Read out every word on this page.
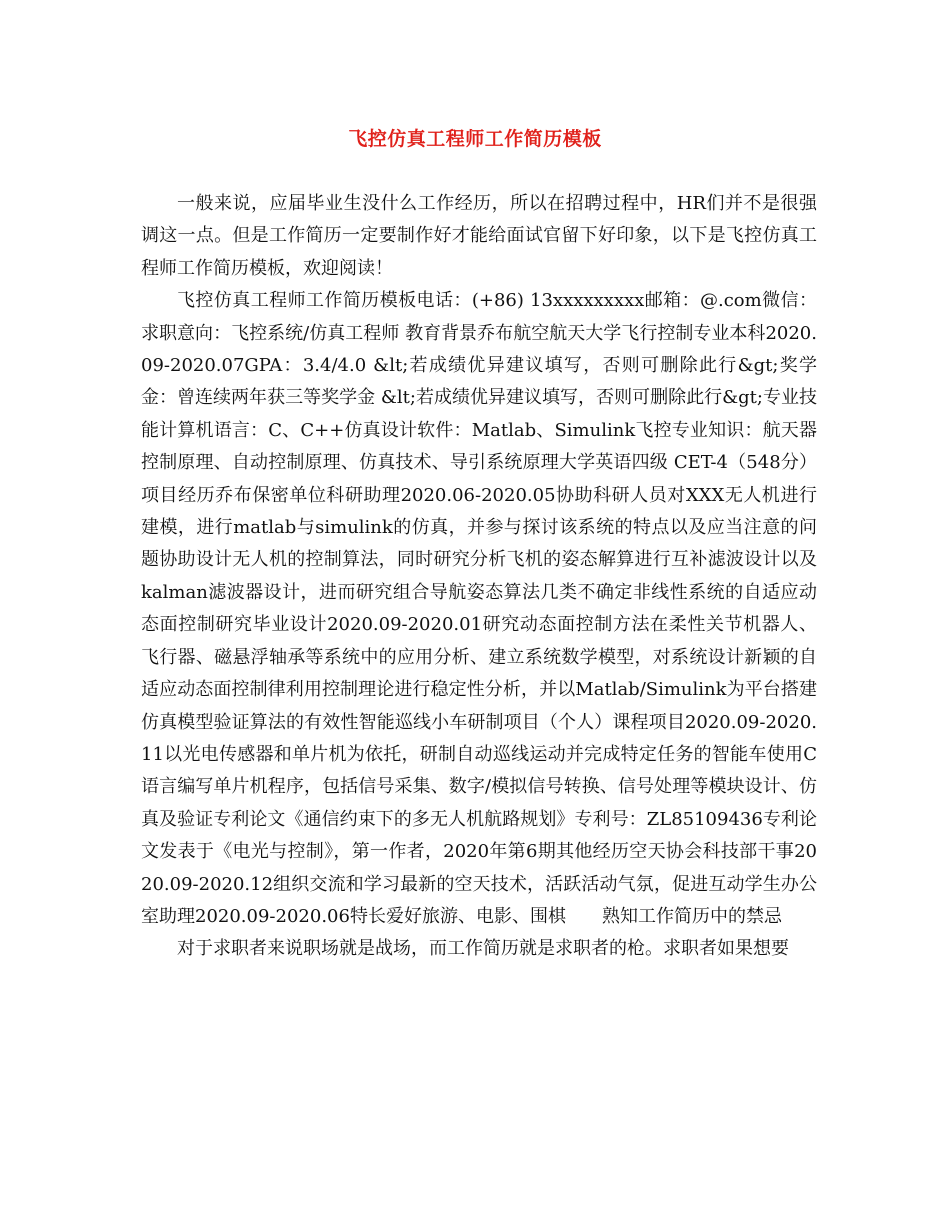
飞控仿真工程师工作简历模板

一般来说，应届毕业生没什么工作经历，所以在招聘过程中，HR们并不是很强调这一点。但是工作简历一定要制作好才能给面试官留下好印象，以下是飞控仿真工程师工作简历模板，欢迎阅读！

飞控仿真工程师工作简历模板电话：(+86) 13xxxxxxxxx邮箱：@.com微信：求职意向：飞控系统/仿真工程师 教育背景乔布航空航天大学飞行控制专业本科2020.09-2020.07GPA：3.4/4.0 &lt;若成绩优异建议填写，否则可删除此行&gt;奖学金：曾连续两年获三等奖学金 &lt;若成绩优异建议填写，否则可删除此行&gt;专业技能计算机语言：C、C++仿真设计软件：Matlab、Simulink飞控专业知识：航天器控制原理、自动控制原理、仿真技术、导引系统原理大学英语四级 CET-4（548分）项目经历乔布保密单位科研助理2020.06-2020.05协助科研人员对XXX无人机进行建模，进行matlab与simulink的仿真，并参与探讨该系统的特点以及应当注意的问题协助设计无人机的控制算法，同时研究分析飞机的姿态解算进行互补滤波设计以及kalman滤波器设计，进而研究组合导航姿态算法几类不确定非线性系统的自适应动态面控制研究毕业设计2020.09-2020.01研究动态面控制方法在柔性关节机器人、飞行器、磁悬浮轴承等系统中的应用分析、建立系统数学模型，对系统设计新颖的自适应动态面控制律利用控制理论进行稳定性分析，并以Matlab/Simulink为平台搭建仿真模型验证算法的有效性智能巡线小车研制项目（个人）课程项目2020.09-2020.11以光电传感器和单片机为依托，研制自动巡线运动并完成特定任务的智能车使用C语言编写单片机程序，包括信号采集、数字/模拟信号转换、信号处理等模块设计、仿真及验证专利论文《通信约束下的多无人机航路规划》专利号：ZL85109436专利论文发表于《电光与控制》，第一作者，2020年第6期其他经历空天协会科技部干事2020.09-2020.12组织交流和学习最新的空天技术，活跃活动气氛，促进互动学生办公室助理2020.09-2020.06特长爱好旅游、电影、围棋　　熟知工作简历中的禁忌

对于求职者来说职场就是战场，而工作简历就是求职者的枪。求职者如果想要
